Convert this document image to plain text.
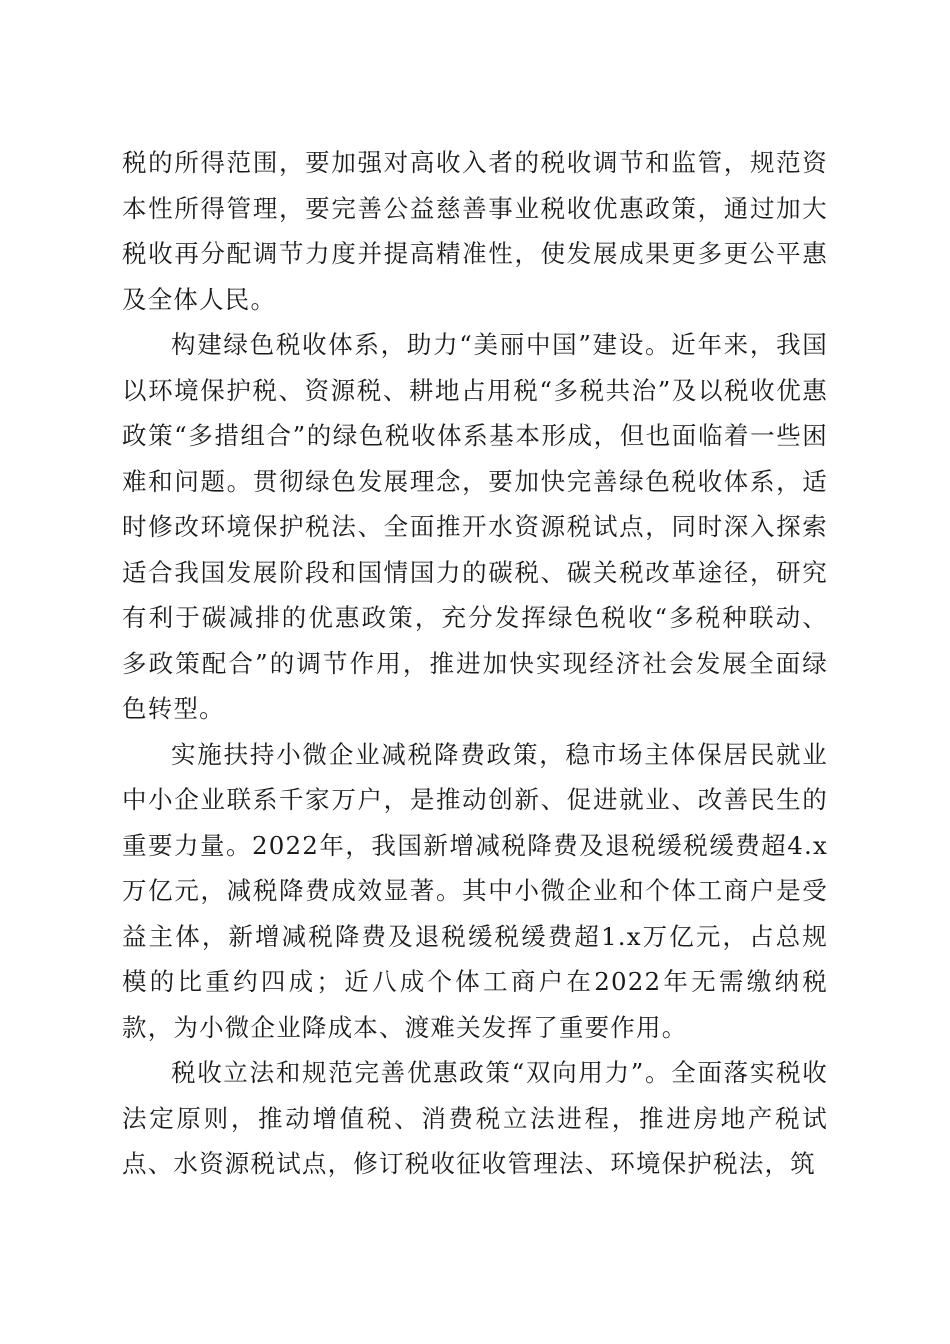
税的所得范围，要加强对高收入者的税收调节和监管，规范资本性所得管理，要完善公益慈善事业税收优惠政策，通过加大税收再分配调节力度并提高精准性，使发展成果更多更公平惠及全体人民。

构建绿色税收体系，助力“美丽中国”建设。近年来，我国以环境保护税、资源税、耕地占用税“多税共治”及以税收优惠政策“多措组合”的绿色税收体系基本形成，但也面临着一些困难和问题。贯彻绿色发展理念，要加快完善绿色税收体系，适时修改环境保护税法、全面推开水资源税试点，同时深入探索适合我国发展阶段和国情国力的碳税、碳关税改革途径，研究有利于碳减排的优惠政策，充分发挥绿色税收“多税种联动、多政策配合”的调节作用，推进加快实现经济社会发展全面绿色转型。

实施扶持小微企业减税降费政策，稳市场主体保居民就业中小企业联系千家万户，是推动创新、促进就业、改善民生的重要力量。2022年，我国新增减税降费及退税缓税缓费超4.x万亿元，减税降费成效显著。其中小微企业和个体工商户是受益主体，新增减税降费及退税缓税缓费超1.x万亿元，占总规模的比重约四成；近八成个体工商户在2022年无需缴纳税款，为小微企业降成本、渡难关发挥了重要作用。

税收立法和规范完善优惠政策“双向用力”。全面落实税收法定原则，推动增值税、消费税立法进程，推进房地产税试点、水资源税试点，修订税收征收管理法、环境保护税法，筑
